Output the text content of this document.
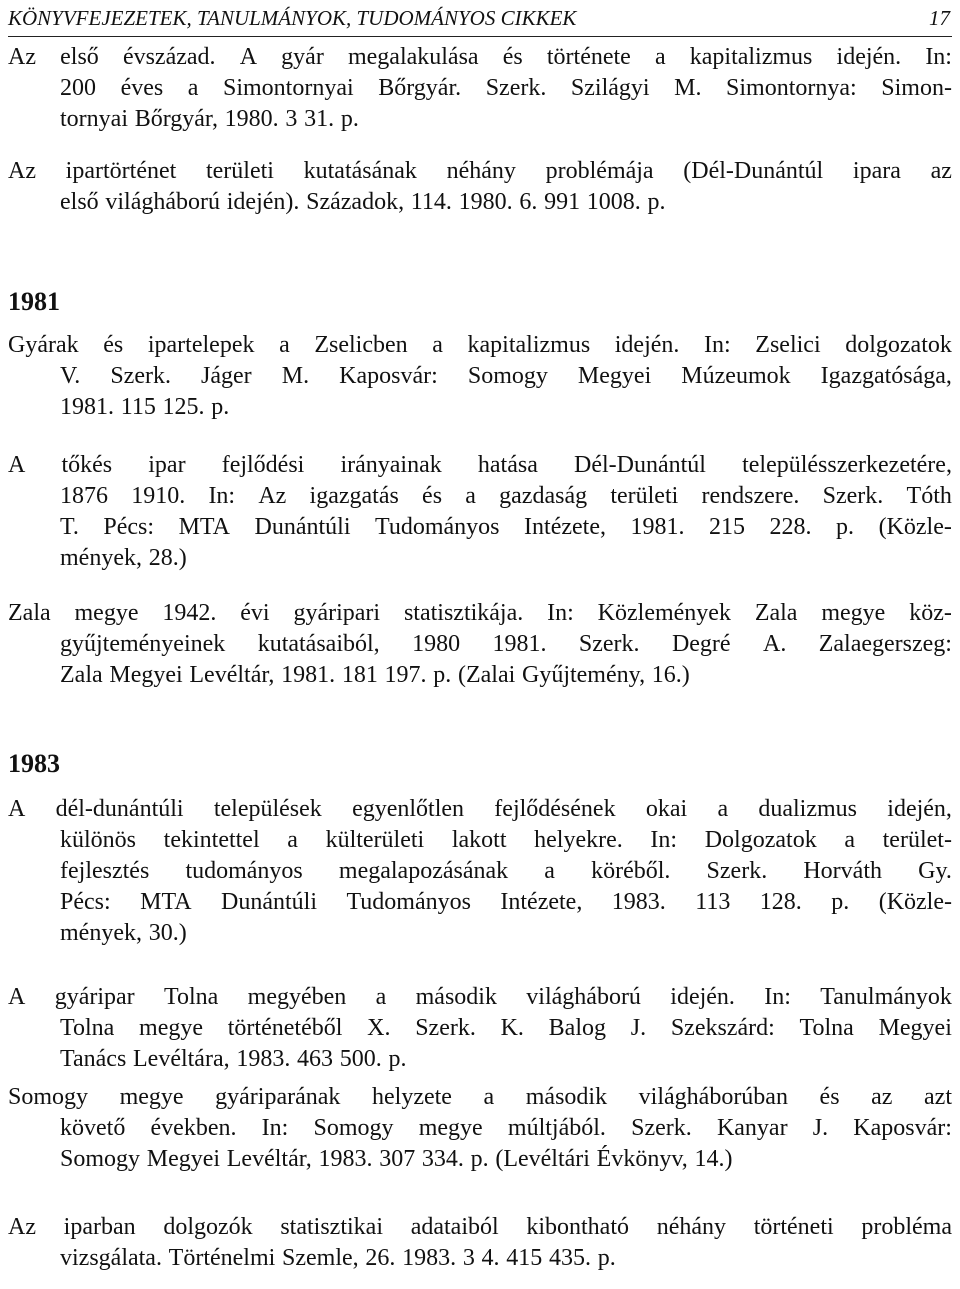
KÖNYVFEJEZETEK, TANULMÁNYOK, TUDOMÁNYOS CIKKEK	17
Az első évszázad. A gyár megalakulása és története a kapitalizmus idején. In:
200 éves a Simontornyai Bőrgyár. Szerk. Szilágyi M. Simontornya: Simon-
tornyai Bőrgyár, 1980. 3 31. p.
Az ipartörténet területi kutatásának néhány problémája (Dél-Dunántúl ipara az
első világháború idején). Századok, 114. 1980. 6. 991 1008. p.
1981
Gyárak és ipartelepek a Zselicben a kapitalizmus idején. In: Zselici dolgozatok
V. Szerk. Jáger M. Kaposvár: Somogy Megyei Múzeumok Igazgatósága,
1981. 115 125. p.
A tőkés ipar fejlődési irányainak hatása Dél-Dunántúl településszerkezetére,
1876 1910. In: Az igazgatás és a gazdaság területi rendszere. Szerk. Tóth
T. Pécs: MTA Dunántúli Tudományos Intézete, 1981. 215 228. p. (Közle-
mények, 28.)
Zala megye 1942. évi gyáripari statisztikája. In: Közlemények Zala megye köz-
gyűjteményeinek kutatásaiból, 1980 1981. Szerk. Degré A. Zalaegerszeg:
Zala Megyei Levéltár, 1981. 181 197. p. (Zalai Gyűjtemény, 16.)
1983
A dél-dunántúli települések egyenlőtlen fejlődésének okai a dualizmus idején,
különös tekintettel a külterületi lakott helyekre. In: Dolgozatok a terület-
fejlesztés tudományos megalapozásának a köréből. Szerk. Horváth Gy.
Pécs: MTA Dunántúli Tudományos Intézete, 1983. 113 128. p. (Közle-
mények, 30.)
A gyáripar Tolna megyében a második világháború idején. In: Tanulmányok
Tolna megye történetéből X. Szerk. K. Balog J. Szekszárd: Tolna Megyei
Tanács Levéltára, 1983. 463 500. p.
Somogy megye gyáriparának helyzete a második világháborúban és az azt
követő években. In: Somogy megye múltjából. Szerk. Kanyar J. Kaposvár:
Somogy Megyei Levéltár, 1983. 307 334. p. (Levéltári Évkönyv, 14.)
Az iparban dolgozók statisztikai adataiból kibontható néhány történeti probléma
vizsgálata. Történelmi Szemle, 26. 1983. 3 4. 415 435. p.
